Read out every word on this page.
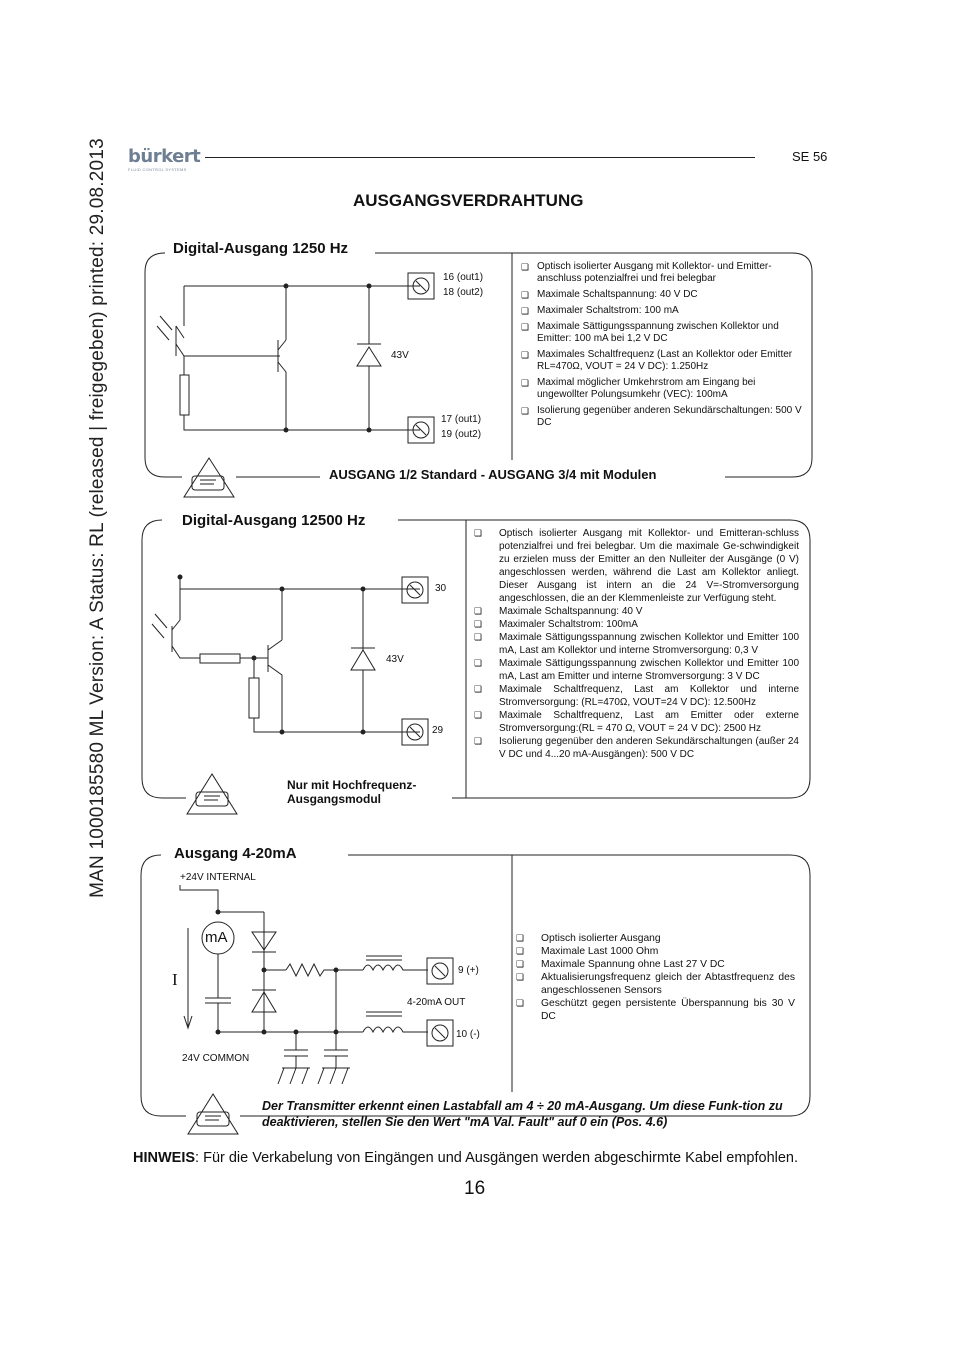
MAN 1000185580 ML Version: A Status: RL (released | freigegeben) printed: 29.08.2013 bürkert
FLUID CONTROL SYSTEMS
SE 56
AUSGANGSVERDRAHTUNG
Digital-Ausgang 1250 Hz
16 (out1)
18 (out2)
17 (out1)
19 (out2)
43V
❏ Optisch isolierter Ausgang mit Kollektor- und Emitter-anschluss potenzialfrei und frei belegbar
❏ Maximale Schaltspannung: 40 V DC
❏ Maximaler Schaltstrom: 100 mA
❏ Maximale Sättigungsspannung zwischen Kollektor und Emitter: 100 mA bei 1,2 V DC
❏ Maximales Schaltfrequenz (Last an Kollektor oder Emitter RL=470Ω, VOUT = 24 V DC): 1.250Hz
❏ Maximal möglicher Umkehrstrom am Eingang bei ungewollter Polungsumkehr (VEC): 100mA
❏ Isolierung gegenüber anderen Sekundärschaltungen: 500 V DC
AUSGANG 1/2 Standard - AUSGANG 3/4 mit Modulen
Digital-Ausgang 12500 Hz
30
29
43V
❏ Optisch isolierter Ausgang mit Kollektor- und Emitteran-schluss potenzialfrei und frei belegbar. Um die maximale Ge-schwindigkeit zu erzielen muss der Emitter an den Nulleiter der Ausgänge (0 V) angeschlossen werden, während die Last am Kollektor anliegt. Dieser Ausgang ist intern an die 24 V=-Stromversorgung angeschlossen, die an der Klemmenleiste zur Verfügung steht.
❏ Maximale Schaltspannung: 40 V
❏ Maximaler Schaltstrom: 100mA
❏ Maximale Sättigungsspannung zwischen Kollektor und Emitter 100 mA, Last am Kollektor und interne Stromversorgung: 0,3 V
❏ Maximale Sättigungsspannung zwischen Kollektor und Emitter 100 mA, Last am Emitter und interne Stromversorgung: 3 V DC
❏ Maximale Schaltfrequenz, Last am Kollektor und interne Stromversorgung: (RL=470Ω, VOUT=24 V DC): 12.500Hz
❏ Maximale Schaltfrequenz, Last am Emitter oder externe Stromversorgung:(RL = 470 Ω, VOUT = 24 V DC): 2500 Hz
❏ Isolierung gegenüber den anderen Sekundärschaltungen (außer 24 V DC und 4...20 mA-Ausgängen): 500 V DC
Nur mit Hochfrequenz-Ausgangsmodul
Ausgang 4-20mA
+24V INTERNAL
mA
I
24V COMMON
9 (+)
4-20mA OUT
10 (-)
❏ Optisch isolierter Ausgang
❏ Maximale Last 1000 Ohm
❏ Maximale Spannung ohne Last 27 V DC
❏ Aktualisierungsfrequenz gleich der Abtastfrequenz des angeschlossenen Sensors
❏ Geschützt gegen persistente Überspannung bis 30 V DC
Der Transmitter erkennt einen Lastabfall am 4 ÷ 20 mA-Ausgang. Um diese Funk-tion zu deaktivieren, stellen Sie den Wert "mA Val. Fault" auf 0 ein (Pos. 4.6)
HINWEIS: Für die Verkabelung von Eingängen und Ausgängen werden abgeschirmte Kabel empfohlen.
16
